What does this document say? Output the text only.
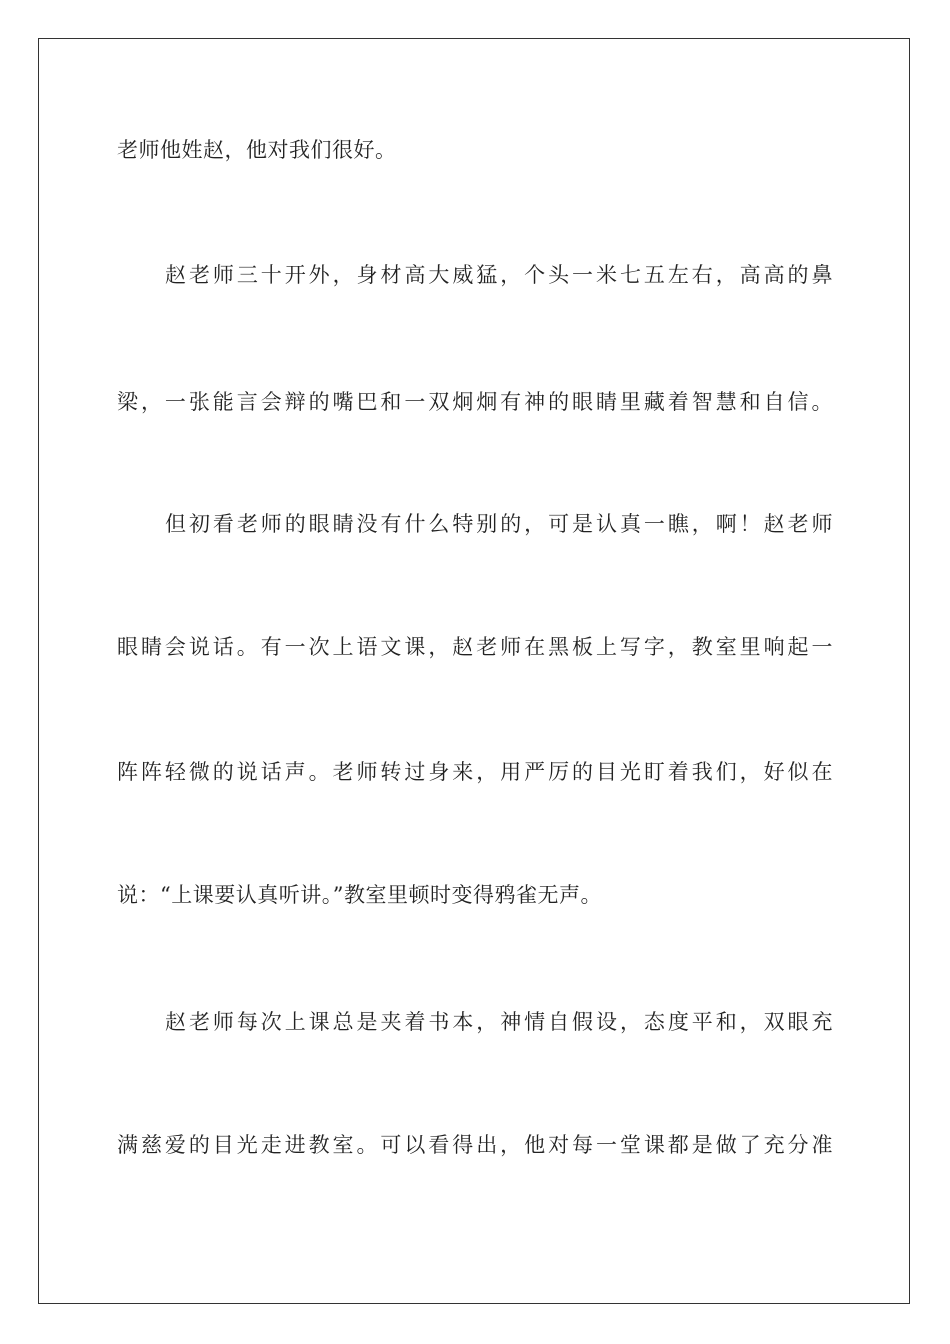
老师他姓赵，他对我们很好。
赵老师三十开外，身材高大威猛，个头一米七五左右，高高的鼻
梁，一张能言会辩的嘴巴和一双炯炯有神的眼睛里藏着智慧和自信。
但初看老师的眼睛没有什么特别的，可是认真一瞧，啊！赵老师
眼睛会说话。有一次上语文课，赵老师在黑板上写字，教室里响起一
阵阵轻微的说话声。老师转过身来，用严厉的目光盯着我们，好似在
说：“上课要认真听讲。”教室里顿时变得鸦雀无声。
赵老师每次上课总是夹着书本，神情自假设，态度平和，双眼充
满慈爱的目光走进教室。可以看得出，他对每一堂课都是做了充分准
